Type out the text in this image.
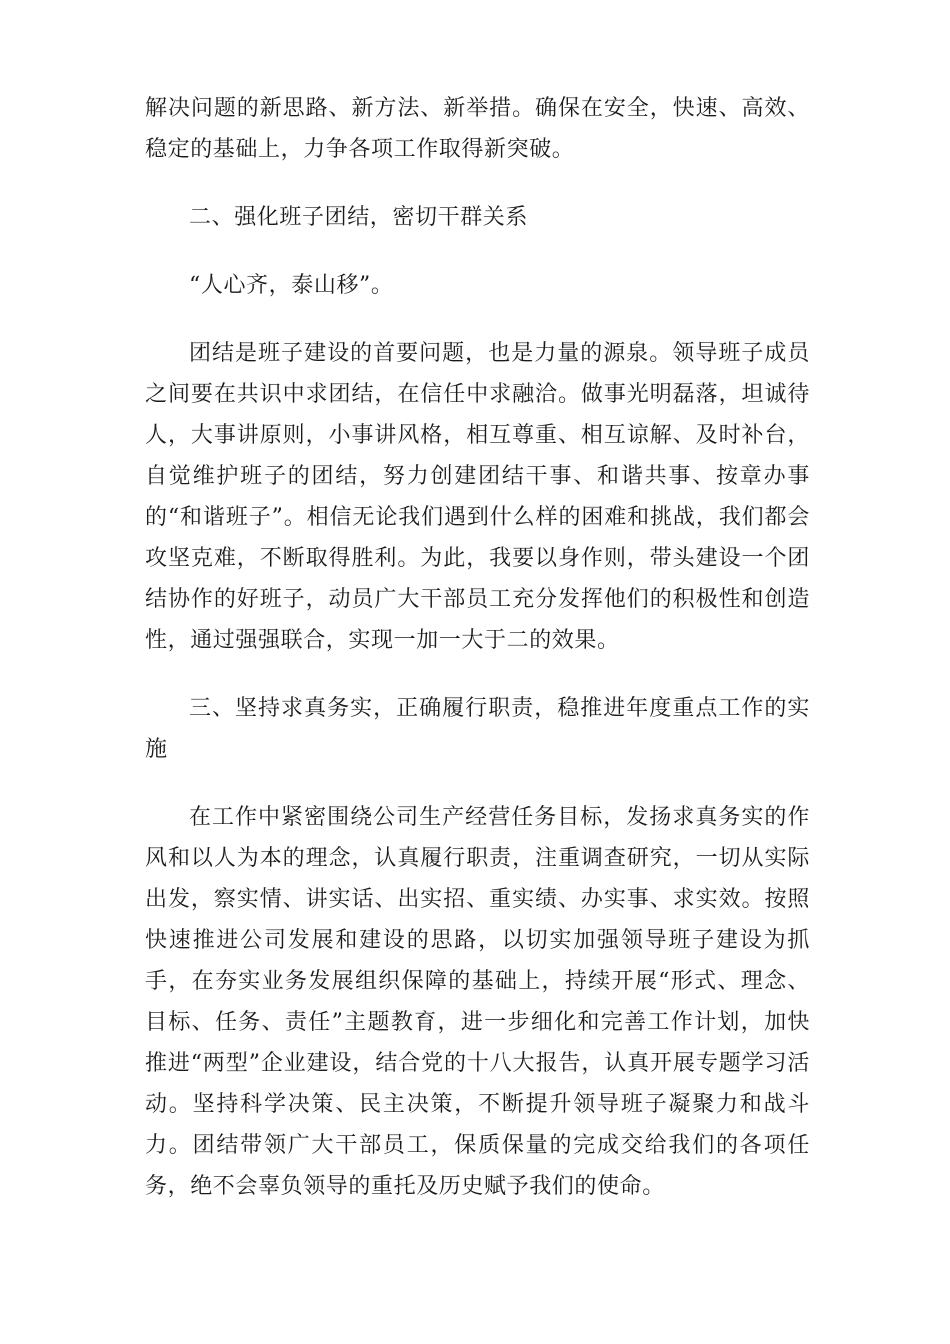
解决问题的新思路、新方法、新举措。确保在安全，快速、高效、稳定的基础上，力争各项工作取得新突破。

二、强化班子团结，密切干群关系

“人心齐，泰山移”。

团结是班子建设的首要问题，也是力量的源泉。领导班子成员之间要在共识中求团结，在信任中求融洽。做事光明磊落，坦诚待人，大事讲原则，小事讲风格，相互尊重、相互谅解、及时补台，自觉维护班子的团结，努力创建团结干事、和谐共事、按章办事的“和谐班子”。相信无论我们遇到什么样的困难和挑战，我们都会攻坚克难，不断取得胜利。为此，我要以身作则，带头建设一个团结协作的好班子，动员广大干部员工充分发挥他们的积极性和创造性，通过强强联合，实现一加一大于二的效果。

三、坚持求真务实，正确履行职责，稳推进年度重点工作的实施

在工作中紧密围绕公司生产经营任务目标，发扬求真务实的作风和以人为本的理念，认真履行职责，注重调查研究，一切从实际出发，察实情、讲实话、出实招、重实绩、办实事、求实效。按照快速推进公司发展和建设的思路，以切实加强领导班子建设为抓手，在夯实业务发展组织保障的基础上，持续开展“形式、理念、目标、任务、责任”主题教育，进一步细化和完善工作计划，加快推进“两型”企业建设，结合党的十八大报告，认真开展专题学习活动。坚持科学决策、民主决策，不断提升领导班子凝聚力和战斗力。团结带领广大干部员工，保质保量的完成交给我们的各项任务，绝不会辜负领导的重托及历史赋予我们的使命。
